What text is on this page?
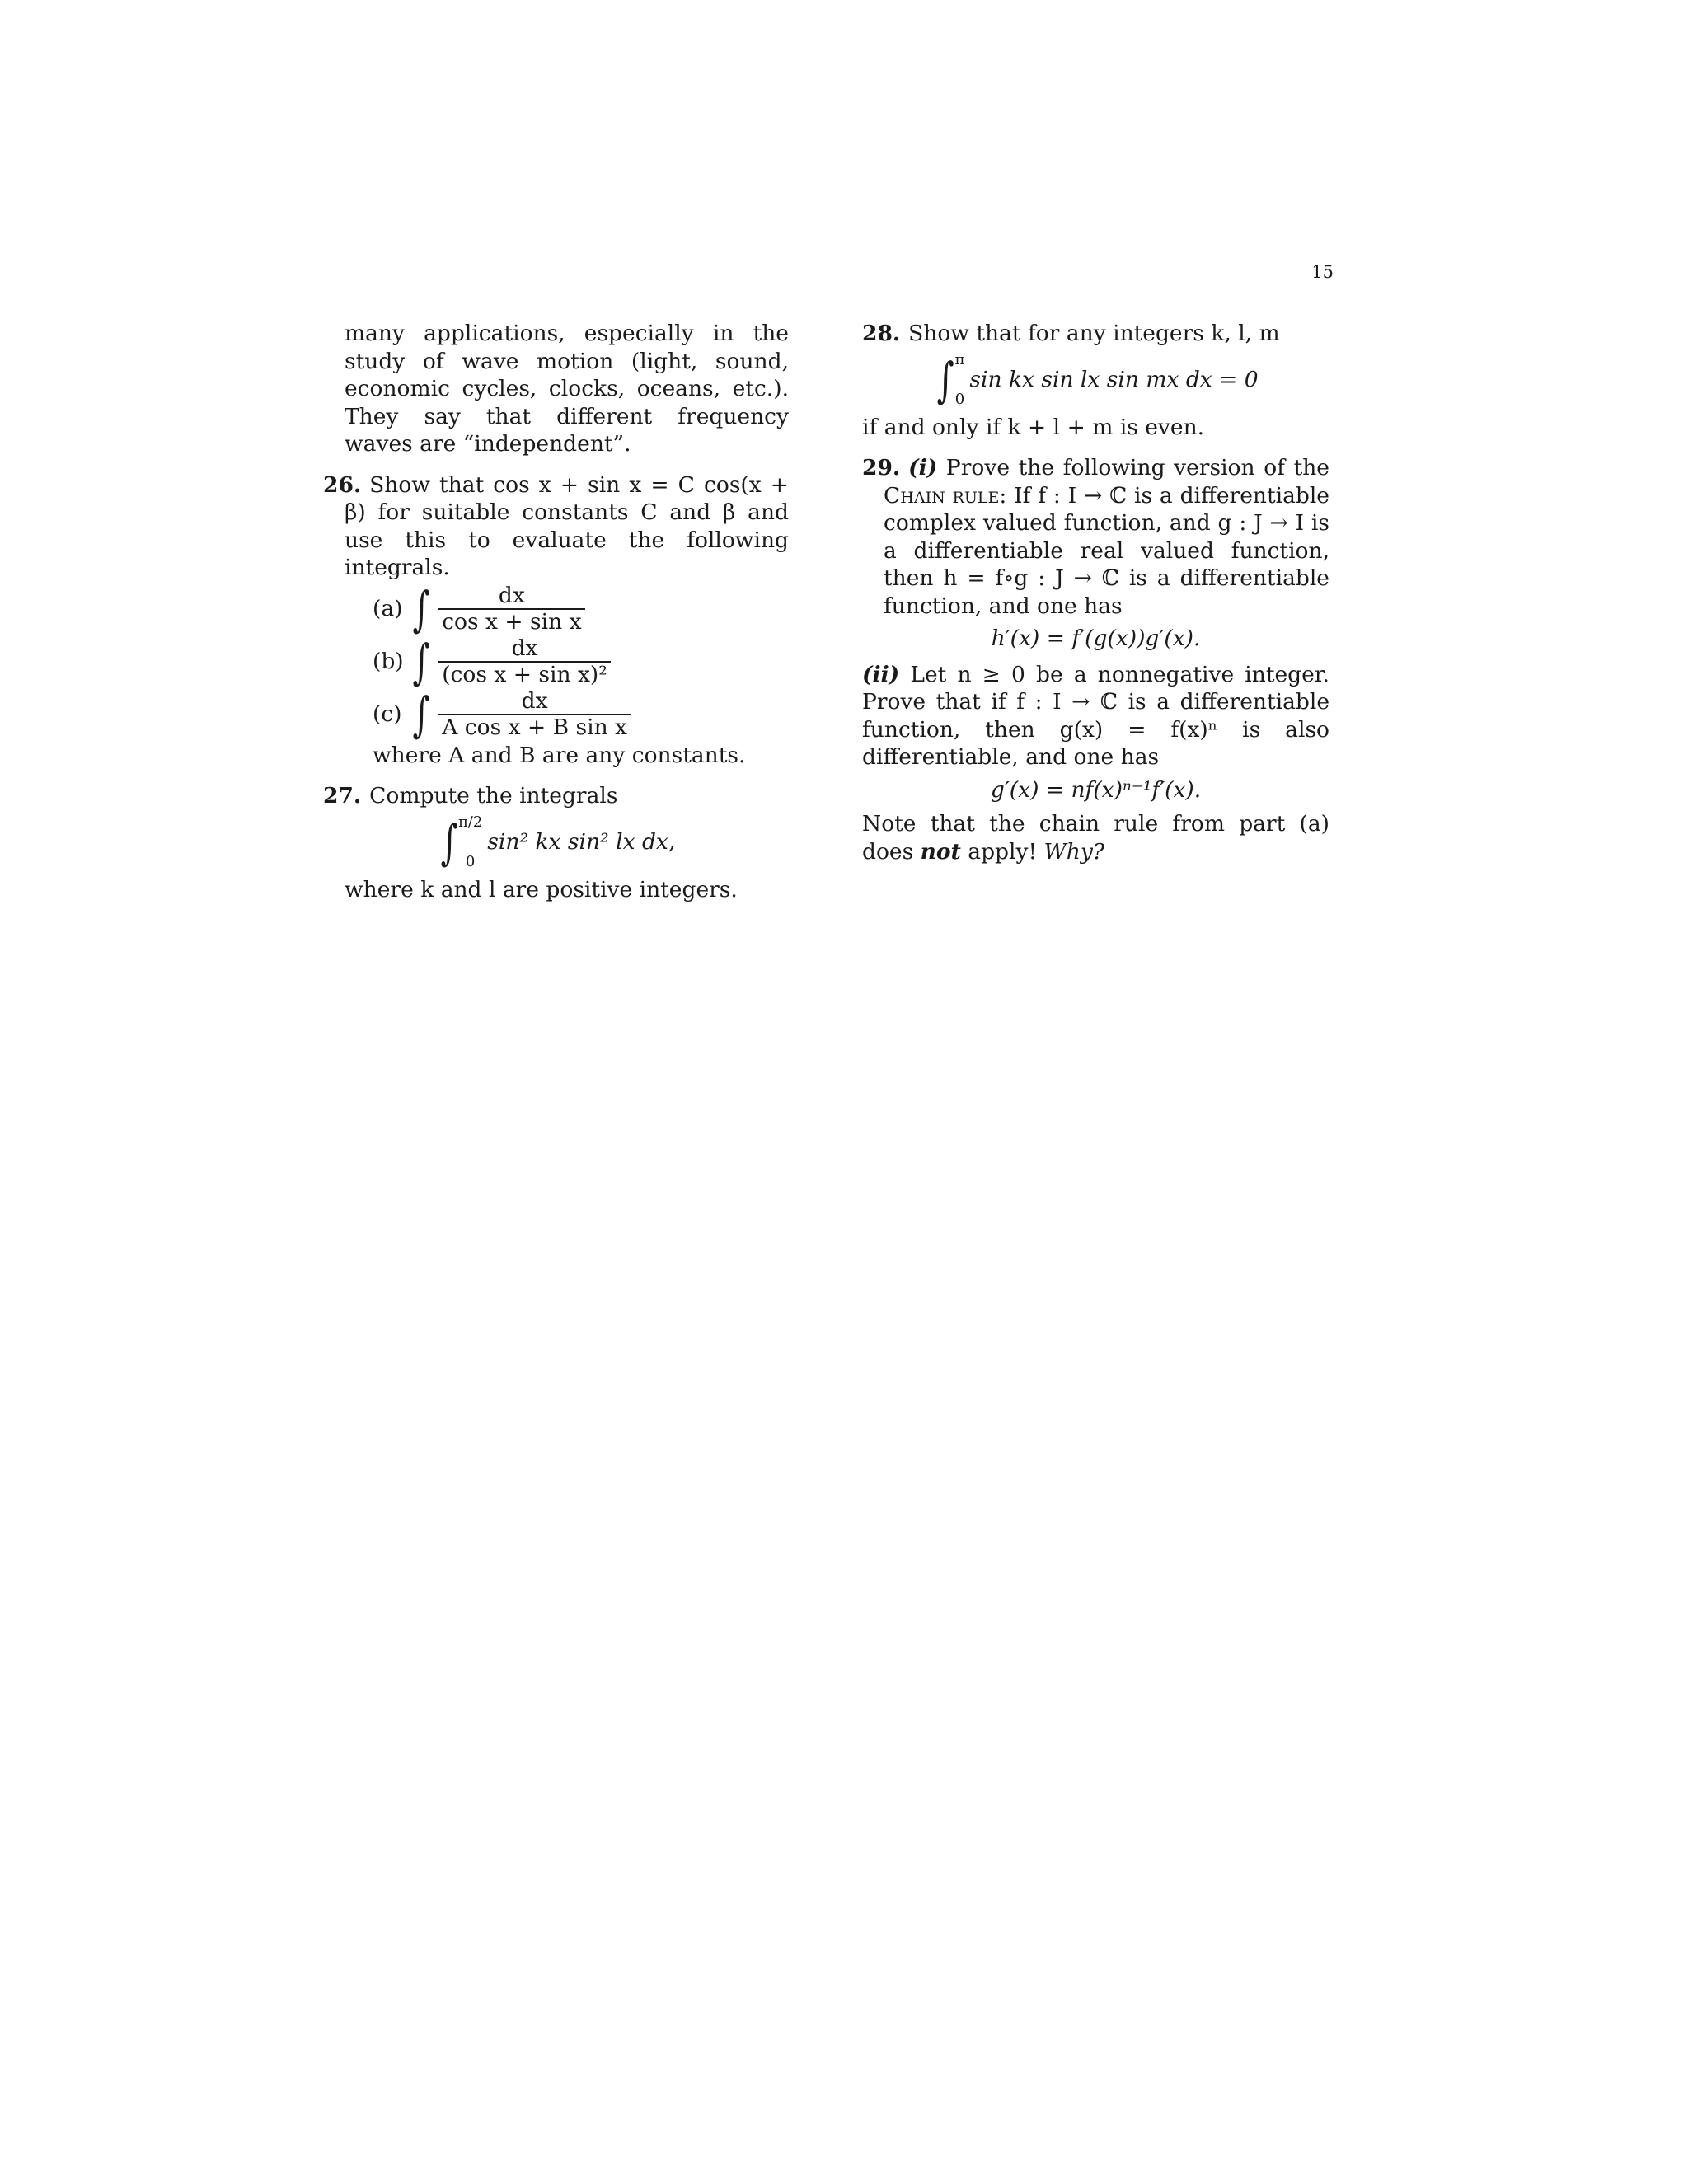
15

many applications, especially in the study of wave motion (light, sound, economic cycles, clocks, oceans, etc.). They say that different frequency waves are “independent”.

26. Show that cos x + sin x = C cos(x + β) for suitable constants C and β and use this to evaluate the following integrals.

(a) ∫ $\frac{dx}{\text{cos x + sin x}}$
(b) ∫ $\frac{dx}{\text{(cos x + sin x)²}}$
(c) ∫ $\frac{dx}{\text{A cos x + B sin x}}$

where A and B are any constants.

27. Compute the integrals

∫ π/2
0
sin² kx sin² lx dx,

where k and l are positive integers.

28. Show that for any integers k, l, m

∫ π
0
sin kx sin lx sin mx dx = 0

if and only if k + l + m is even.

29. (i) Prove the following version of the Chain rule: If f : I → ℂ is a differentiable complex valued function, and g : J → I is a differentiable real valued function, then h = f∘g : J → ℂ is a differentiable function, and one has

h′(x) = f′(g(x))g′(x).

(ii) Let n ≥ 0 be a nonnegative integer. Prove that if f : I → ℂ is a differentiable function, then g(x) = f(x)ⁿ is also differentiable, and one has

g′(x) = nf(x)ⁿ⁻¹f′(x).

Note that the chain rule from part (a) does not apply! Why?
